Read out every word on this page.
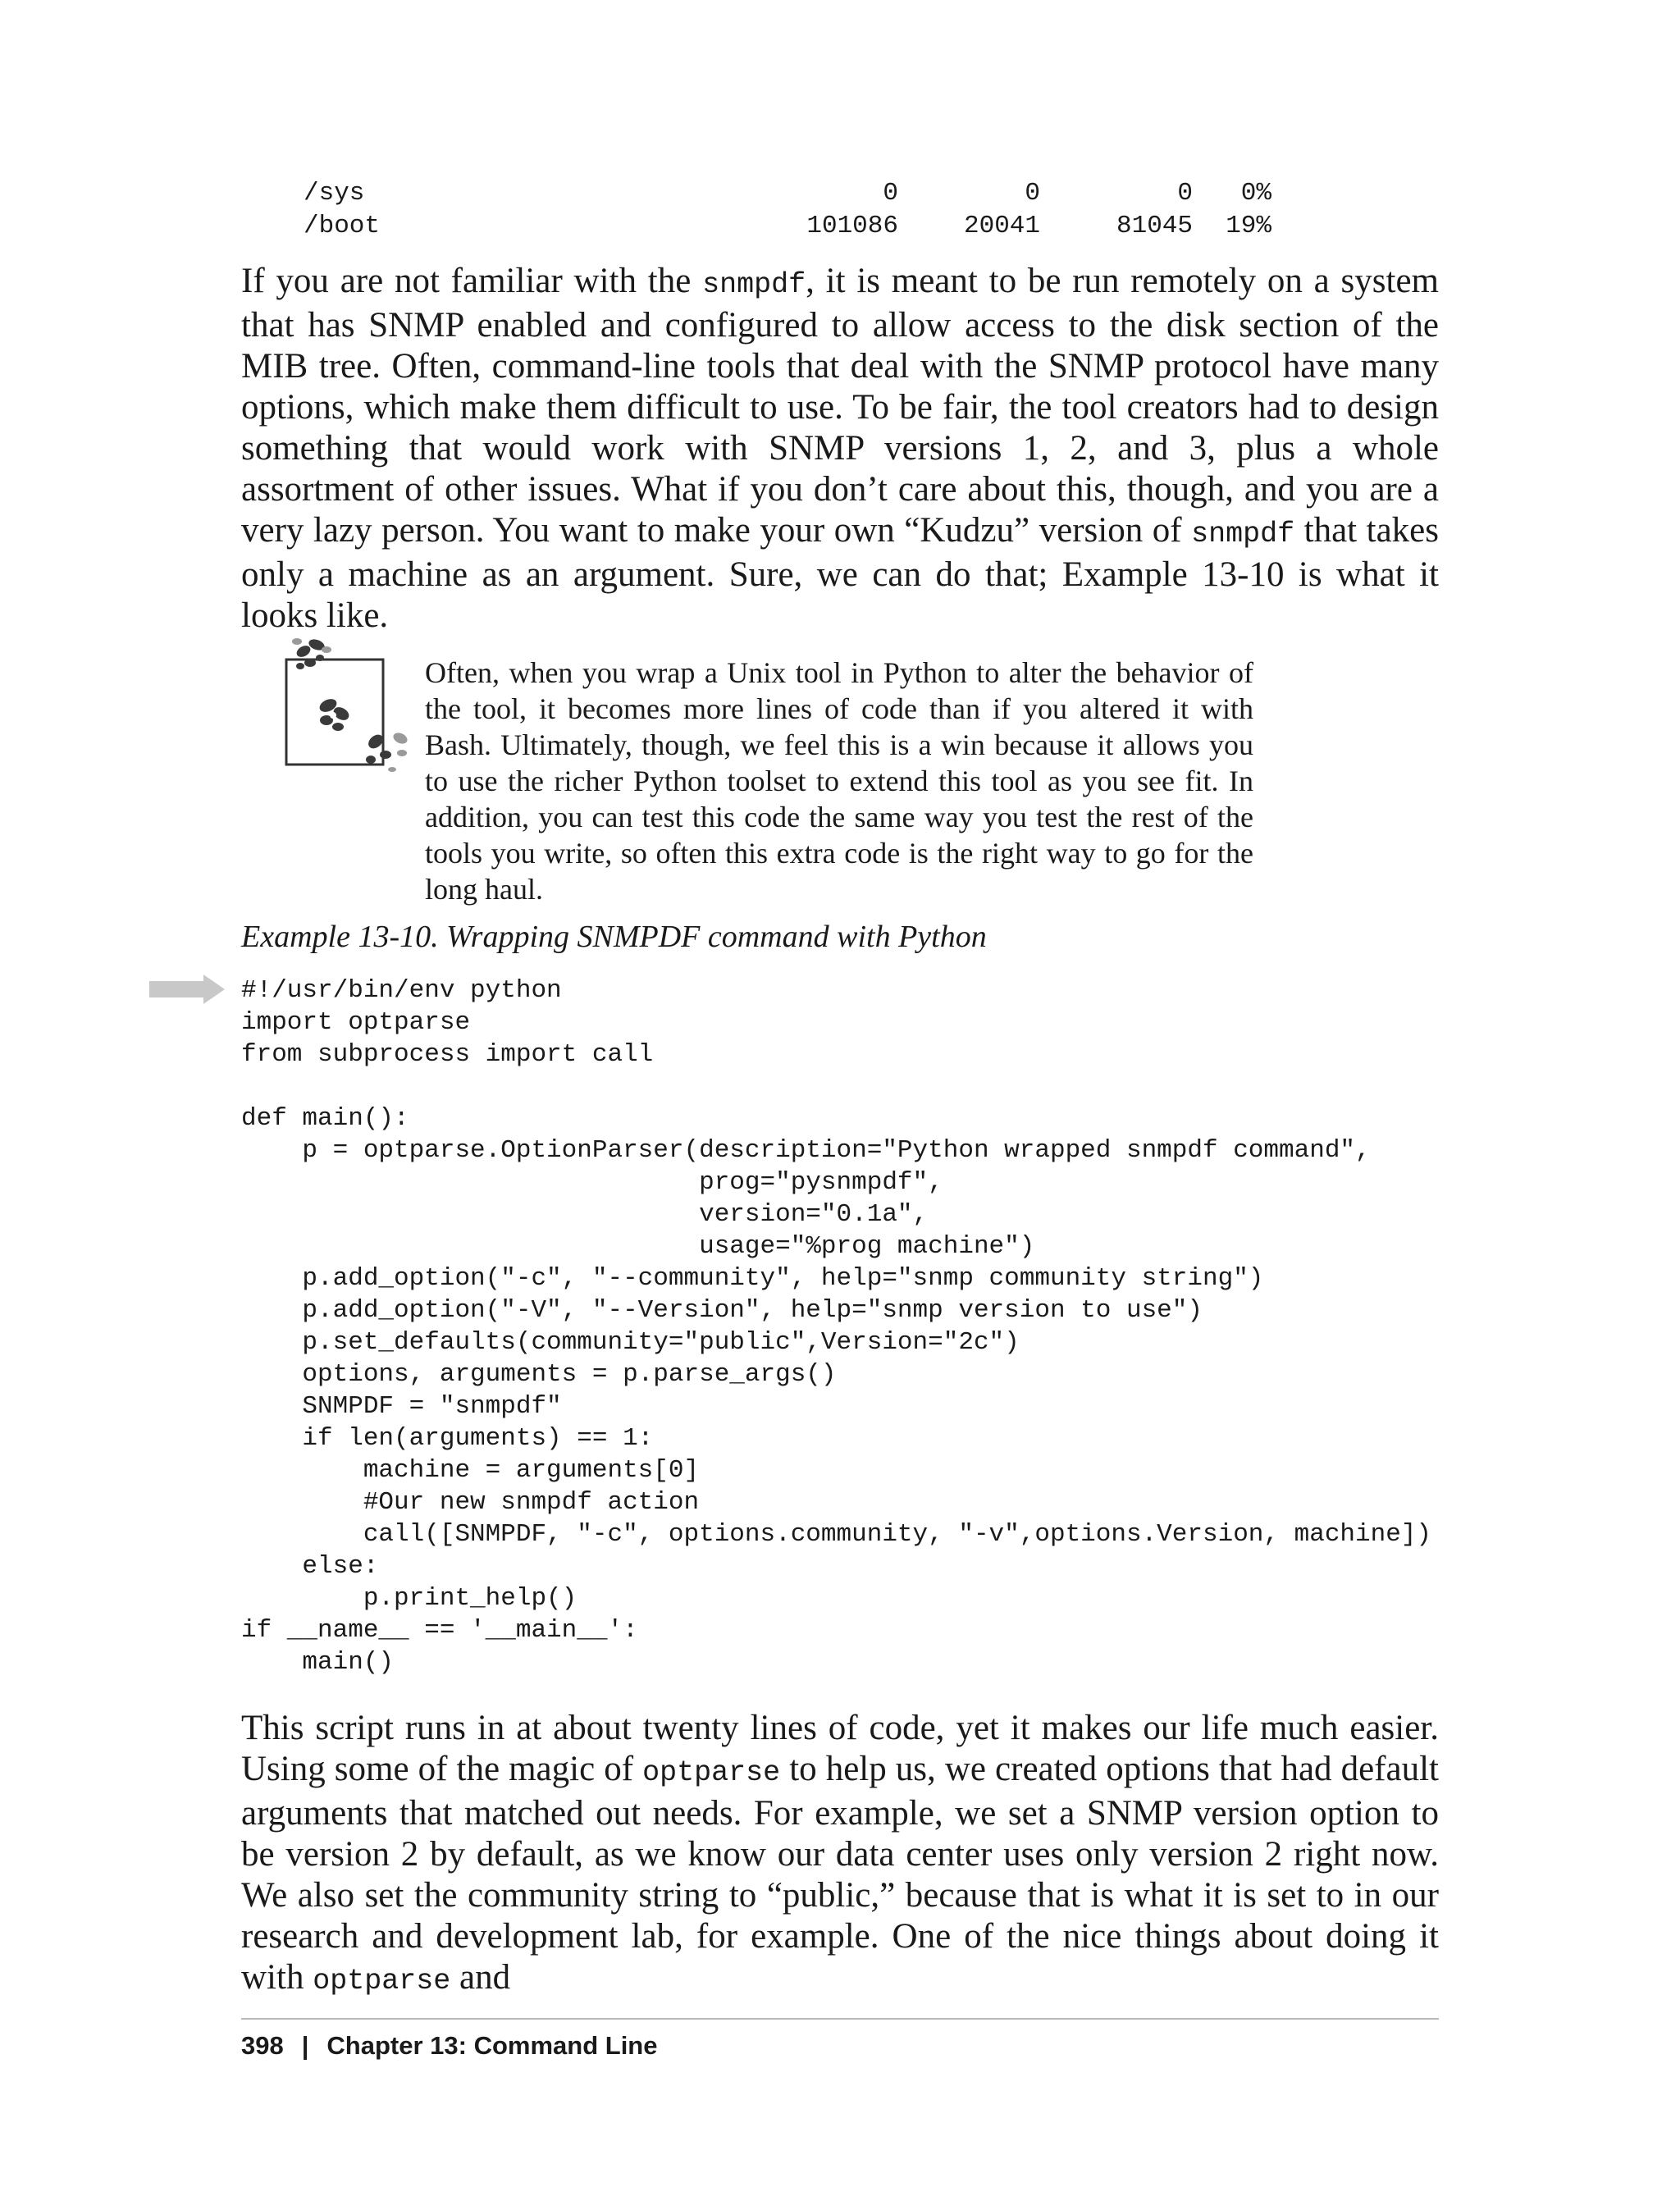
/sys	0	0	0 0%
/boot	101086	20041	81045 19%

If you are not familiar with the snmpdf, it is meant to be run remotely on a system that has SNMP enabled and configured to allow access to the disk section of the MIB tree. Often, command-line tools that deal with the SNMP protocol have many options, which make them difficult to use. To be fair, the tool creators had to design something that would work with SNMP versions 1, 2, and 3, plus a whole assortment of other issues. What if you don’t care about this, though, and you are a very lazy person. You want to make your own “Kudzu” version of snmpdf that takes only a machine as an argument. Sure, we can do that; Example 13-10 is what it looks like.

Often, when you wrap a Unix tool in Python to alter the behavior of the tool, it becomes more lines of code than if you altered it with Bash. Ultimately, though, we feel this is a win because it allows you to use the richer Python toolset to extend this tool as you see fit. In addition, you can test this code the same way you test the rest of the tools you write, so often this extra code is the right way to go for the long haul.

Example 13-10. Wrapping SNMPDF command with Python

#!/usr/bin/env python
import optparse
from subprocess import call

def main():
p = optparse.OptionParser(description="Python wrapped snmpdf command",
prog="pysnmpdf",
version="0.1a",
usage="%prog machine")
p.add_option("-c", "--community", help="snmp community string")
p.add_option("-V", "--Version", help="snmp version to use")
p.set_defaults(community="public",Version="2c")
options, arguments = p.parse_args()
SNMPDF = "snmpdf"
if len(arguments) == 1:
machine = arguments[0]
#Our new snmpdf action
call([SNMPDF, "-c", options.community, "-v",options.Version, machine])
else:
p.print_help()
if __name__ == '__main__':
main()

This script runs in at about twenty lines of code, yet it makes our life much easier. Using some of the magic of optparse to help us, we created options that had default arguments that matched out needs. For example, we set a SNMP version option to be version 2 by default, as we know our data center uses only version 2 right now. We also set the community string to “public,” because that is what it is set to in our research and development lab, for example. One of the nice things about doing it with optparse and

398 | Chapter 13: Command Line
